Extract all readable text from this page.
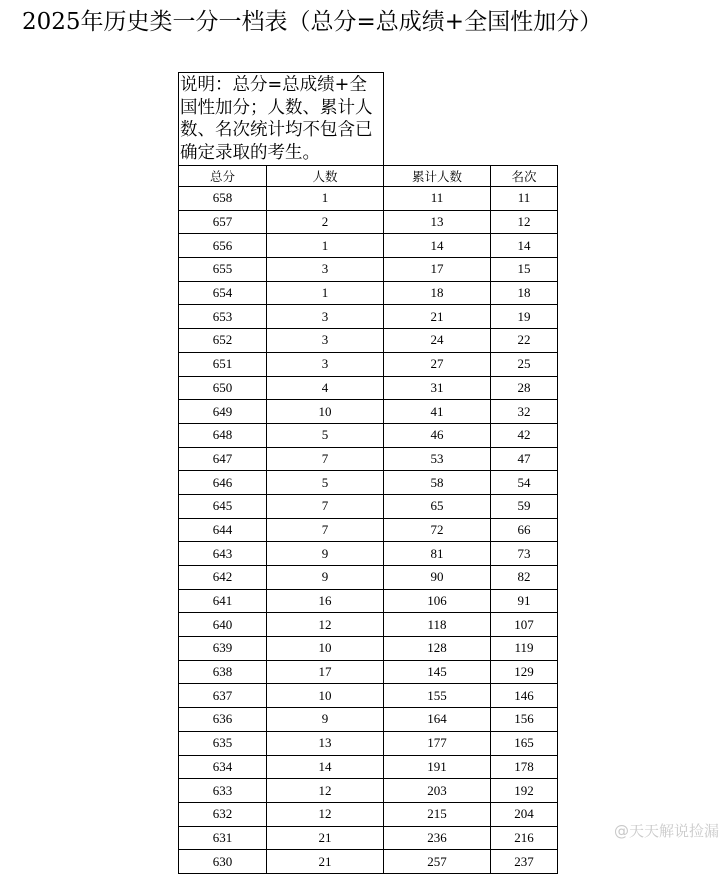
2025年历史类一分一档表（总分=总成绩+全国性加分）
说明：总分=总成绩+全国性加分；人数、累计人数、名次统计均不包含已确定录取的考生。			
总分	人数	累计人数	名次
658	1	11	11
657	2	13	12
656	1	14	14
655	3	17	15
654	1	18	18
653	3	21	19
652	3	24	22
651	3	27	25
650	4	31	28
649	10	41	32
648	5	46	42
647	7	53	47
646	5	58	54
645	7	65	59
644	7	72	66
643	9	81	73
642	9	90	82
641	16	106	91
640	12	118	107
639	10	128	119
638	17	145	129
637	10	155	146
636	9	164	156
635	13	177	165
634	14	191	178
633	12	203	192
632	12	215	204
631	21	236	216
630	21	257	237
@天天解说捡漏
